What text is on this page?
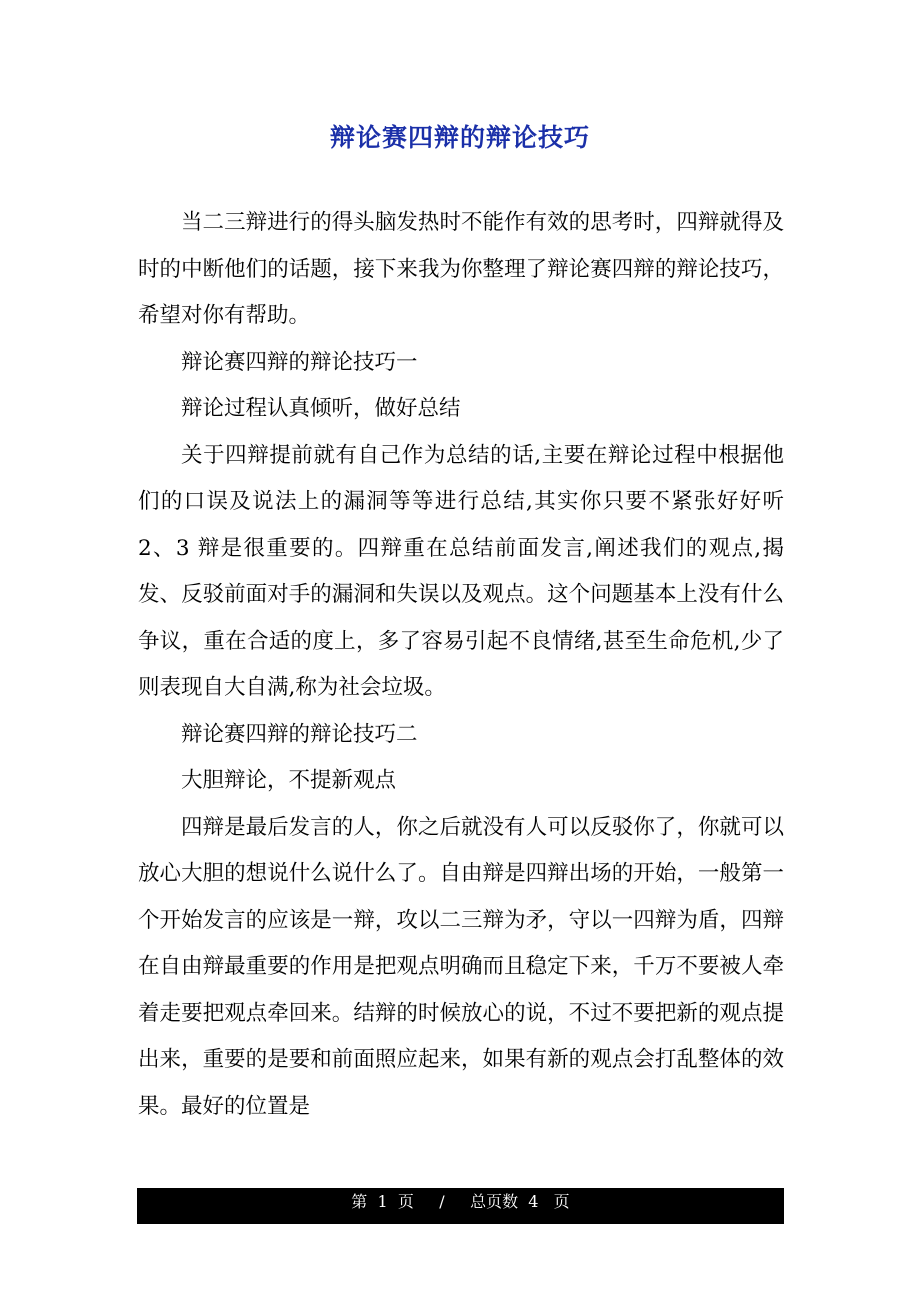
辩论赛四辩的辩论技巧

当二三辩进行的得头脑发热时不能作有效的思考时，四辩就得及时的中断他们的话题，接下来我为你整理了辩论赛四辩的辩论技巧，希望对你有帮助。

辩论赛四辩的辩论技巧一

辩论过程认真倾听，做好总结

关于四辩提前就有自己作为总结的话,主要在辩论过程中根据他们的口误及说法上的漏洞等等进行总结,其实你只要不紧张好好听 2、3 辩是很重要的。四辩重在总结前面发言,阐述我们的观点,揭发、反驳前面对手的漏洞和失误以及观点。这个问题基本上没有什么争议，重在合适的度上，多了容易引起不良情绪,甚至生命危机,少了则表现自大自满,称为社会垃圾。

辩论赛四辩的辩论技巧二

大胆辩论，不提新观点

四辩是最后发言的人，你之后就没有人可以反驳你了，你就可以放心大胆的想说什么说什么了。自由辩是四辩出场的开始，一般第一个开始发言的应该是一辩，攻以二三辩为矛，守以一四辩为盾，四辩在自由辩最重要的作用是把观点明确而且稳定下来，千万不要被人牵着走要把观点牵回来。结辩的时候放心的说，不过不要把新的观点提出来，重要的是要和前面照应起来，如果有新的观点会打乱整体的效果。最好的位置是

第  1  页     /     总页数  4   页
